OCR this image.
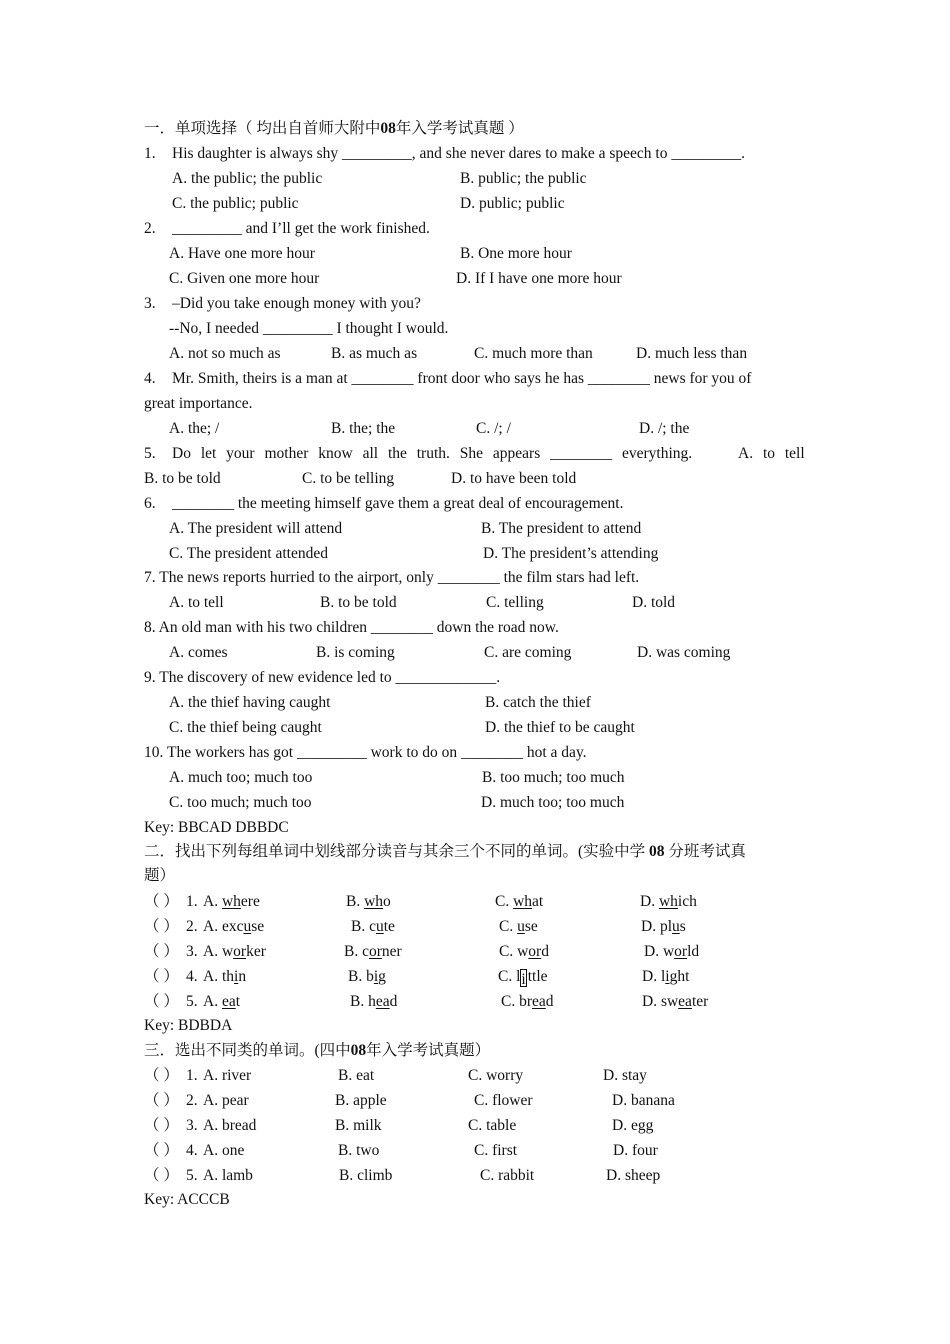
一．单项选择（ 均出自首师大附中08年入学考试真题 ）
1. His daughter is always shy _________, and she never dares to make a speech to _________.
A. the public; the public	B. public; the public
C. the public; public	D. public; public
2. _________ and I’ll get the work finished.
A. Have one more hour	B. One more hour
C. Given one more hour	D. If I have one more hour
3. –Did you take enough money with you?
--No, I needed _________ I thought I would.
A. not so much as	B. as much as	C. much more than	D. much less than
4. Mr. Smith, theirs is a man at ________ front door who says he has ________ news for you of
great importance.
A. the; /	B. the; the	C. /; /	D. /; the
5. Do let your mother know all the truth. She appears ________ everything.	A. to tell
B. to be told	C. to be telling	D. to have been told
6. ________ the meeting himself gave them a great deal of encouragement.
A. The president will attend	B. The president to attend
C. The president attended	D. The president’s attending
7. The news reports hurried to the airport, only ________ the film stars had left.
A. to tell	B. to be told	C. telling	D. told
8. An old man with his two children ________ down the road now.
A. comes	B. is coming	C. are coming	D. was coming
9. The discovery of new evidence led to _____________.
A. the thief having caught	B. catch the thief
C. the thief being caught	D. the thief to be caught
10. The workers has got _________ work to do on ________ hot a day.
A. much too; much too	B. too much; too much
C. too much; much too	D. much too; too much
Key: BBCAD DBBDC
二．找出下列每组单词中划线部分读音与其余三个不同的单词。(实验中学 08 分班考试真
题）
（ ） 1. A. where	B. who	C. what	D. which
（ ） 2. A. excuse	B. cute	C. use	D. plus
（ ） 3. A. worker	B. corner	C. word	D. world
（ ） 4. A. thin	B. big	C. li ttle	D. light
（ ） 5. A. eat	B. head	C. bread	D. sweater
Key: BDBDA
三．选出不同类的单词。(四中08年入学考试真题）
（ ） 1. A. river	B. eat	C. worry	D. stay
（ ） 2. A. pear	B. apple	C. flower	D. banana
（ ） 3. A. bread	B. milk	C. table	D. egg
（ ） 4. A. one	B. two	C. first	D. four
（ ） 5. A. lamb	B. climb	C. rabbit	D. sheep
Key: ACCCB
